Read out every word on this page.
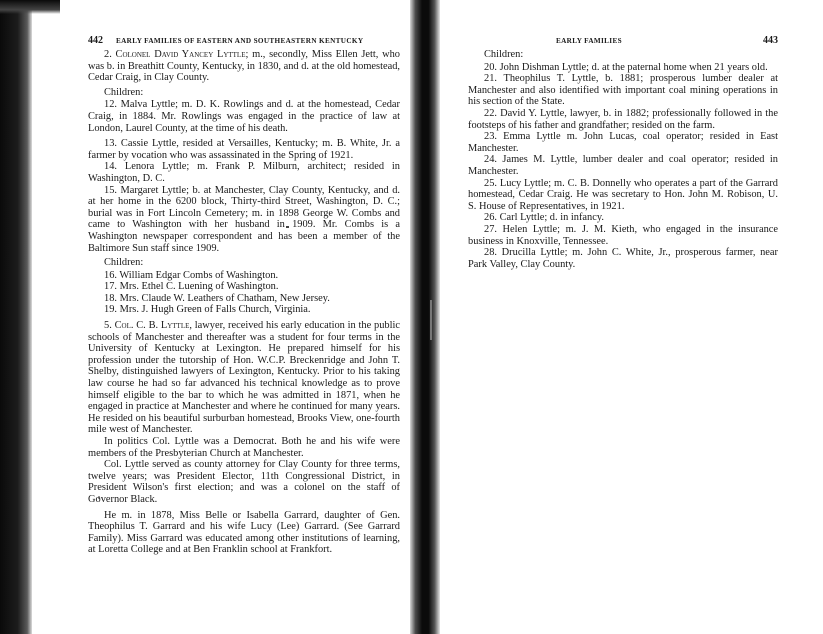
442 EARLY FAMILIES OF EASTERN AND SOUTHEASTERN KENTUCKY

2. Colonel David Yancey Lyttle; m., secondly, Miss Ellen Jett, who was b. in Breathitt County, Kentucky, in 1830, and d. at the old homestead, Cedar Craig, in Clay County.

Children:

12. Malva Lyttle; m. D. K. Rowlings and d. at the homestead, Cedar Craig, in 1884. Mr. Rowlings was engaged in the practice of law at London, Laurel County, at the time of his death.

13. Cassie Lyttle, resided at Versailles, Kentucky; m. B. White, Jr. a farmer by vocation who was assassinated in the Spring of 1921.

14. Lenora Lyttle; m. Frank P. Milburn, architect; resided in Washington, D. C.

15. Margaret Lyttle; b. at Manchester, Clay County, Kentucky, and d. at her home in the 6200 block, Thirty-third Street, Washington, D. C.; burial was in Fort Lincoln Cemetery; m. in 1898 George W. Combs and came to Washington with her husband in 1909. Mr. Combs is a Washington newspaper correspondent and has been a member of the Baltimore Sun staff since 1909.

Children:
16. William Edgar Combs of Washington.
17. Mrs. Ethel C. Luening of Washington.
18. Mrs. Claude W. Leathers of Chatham, New Jersey.
19. Mrs. J. Hugh Green of Falls Church, Virginia.

5. Col. C. B. Lyttle, lawyer, received his early education in the public schools of Manchester and thereafter was a student for four terms in the University of Kentucky at Lexington. He prepared himself for his profession under the tutorship of Hon. W.C.P. Breckenridge and John T. Shelby, distinguished lawyers of Lexington, Kentucky. Prior to his taking law course he had so far advanced his technical knowledge as to prove himself eligible to the bar to which he was admitted in 1871, when he engaged in practice at Manchester and where he continued for many years. He resided on his beautiful surburban homestead, Brooks View, one-fourth mile west of Manchester.

In politics Col. Lyttle was a Democrat. Both he and his wife were members of the Presbyterian Church at Manchester.

Col. Lyttle served as county attorney for Clay County for three terms, twelve years; was President Elector, 11th Congressional District, in President Wilson's first election; and was a colonel on the staff of Governor Black.

He m. in 1878, Miss Belle or Isabella Garrard, daughter of Gen. Theophilus T. Garrard and his wife Lucy (Lee) Garrard. (See Garrard Family). Miss Garrard was educated among other institutions of learning, at Loretta College and at Ben Franklin school at Frankfort.

EARLY FAMILIES	443
Children:

20. John Dishman Lyttle; d. at the paternal home when 21 years old.

21. Theophilus T. Lyttle, b. 1881; prosperous lumber dealer at Manchester and also identified with important coal mining operations in his section of the State.

22. David Y. Lyttle, lawyer, b. in 1882; professionally followed in the footsteps of his father and grandfather; resided on the farm.

23. Emma Lyttle m. John Lucas, coal operator; resided in East Manchester.

24. James M. Lyttle, lumber dealer and coal operator; resided in Manchester.

25. Lucy Lyttle; m. C. B. Donnelly who operates a part of the Garrard homestead, Cedar Craig. He was secretary to Hon. John M. Robison, U. S. House of Representatives, in 1921.

26. Carl Lyttle; d. in infancy.

27. Helen Lyttle; m. J. M. Kieth, who engaged in the insurance business in Knoxville, Tennessee.

28. Drucilla Lyttle; m. John C. White, Jr., prosperous farmer, near Park Valley, Clay County.
